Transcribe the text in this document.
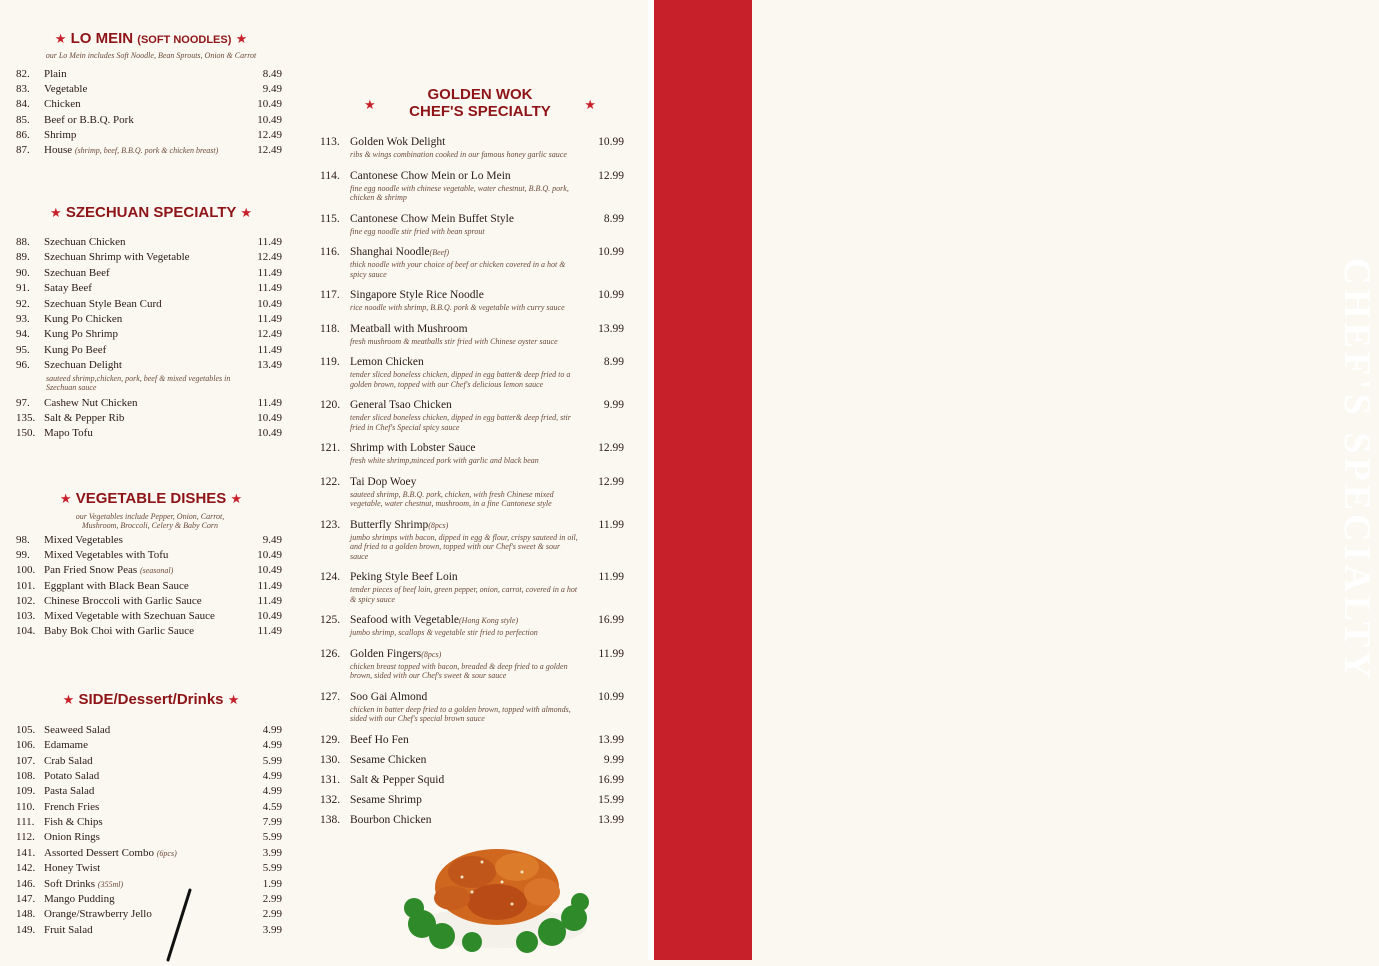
CHEF'S SPECIALTY
★ LO MEIN (SOFT NOODLES) ★
our Lo Mein includes Soft Noodle, Bean Sprouts, Onion & Carrot
82.	Plain	8.49
83.	Vegetable	9.49
84.	Chicken	10.49
85.	Beef or B.B.Q. Pork	10.49
86.	Shrimp	12.49
87.	House (shrimp, beef, B.B.Q. pork & chicken breast)	12.49
★ SZECHUAN SPECIALTY ★
88.	Szechuan Chicken	11.49
89.	Szechuan Shrimp with Vegetable	12.49
90.	Szechuan Beef	11.49
91.	Satay Beef	11.49
92.	Szechuan Style Bean Curd	10.49
93.	Kung Po Chicken	11.49
94.	Kung Po Shrimp	12.49
95.	Kung Po Beef	11.49
96.	Szechuan Delight	13.49
sauteed shrimp,chicken, pork, beef & mixed vegetables in Szechuan sauce
97.	Cashew Nut Chicken	11.49
135. Salt & Pepper Rib	10.49
150. Mapo Tofu	10.49
★ VEGETABLE DISHES ★
our Vegetables include Pepper, Onion, Carrot, Mushroom, Broccoli, Celery & Baby Corn
98.	Mixed Vegetables	9.49
99.	Mixed Vegetables with Tofu	10.49
100. Pan Fried Snow Peas (seasonal)	10.49
101. Eggplant with Black Bean Sauce	11.49
102. Chinese Broccoli with Garlic Sauce	11.49
103. Mixed Vegetable with Szechuan Sauce	10.49
104. Baby Bok Choi with Garlic Sauce	11.49
★ SIDE/Dessert/Drinks ★
105. Seaweed Salad	4.99
106. Edamame	4.99
107. Crab Salad	5.99
108. Potato Salad	4.99
109. Pasta Salad	4.99
110. French Fries	4.59
111. Fish & Chips	7.99
112. Onion Rings	5.99
141. Assorted Dessert Combo (6pcs)	3.99
142. Honey Twist	5.99
146. Soft Drinks (355ml)	1.99
147. Mango Pudding	2.99
148. Orange/Strawberry Jello	2.99
149. Fruit Salad	3.99
★
GOLDEN WOK
CHEF'S SPECIALTY	★
113. Golden Wok Delight	10.99
ribs & wings combination cooked in our famous honey garlic sauce
114. Cantonese Chow Mein or Lo Mein	12.99
fine egg noodle with chinese vegetable, water chestnut, B.B.Q. pork, chicken & shrimp
115. Cantonese Chow Mein Buffet Style	8.99
fine egg noodle stir fried with bean sprout
116. Shanghai Noodle(Beef)	10.99
thick noodle with your choice of beef or chicken covered in a hot & spicy sauce
117. Singapore Style Rice Noodle	10.99
rice noodle with shrimp, B.B.Q. pork & vegetable with curry sauce
118. Meatball with Mushroom	13.99
fresh mushroom & meatballs stir fried with Chinese oyster sauce
119. Lemon Chicken	8.99
tender sliced boneless chicken, dipped in egg batter& deep fried to a golden brown, topped with our Chef's delicious lemon sauce
120. General Tsao Chicken	9.99
tender sliced boneless chicken, dipped in egg batter& deep fried, stir fried in Chef's Special spicy sauce
121. Shrimp with Lobster Sauce	12.99
fresh white shrimp,minced pork with garlic and black bean
122. Tai Dop Woey	12.99
sauteed shrimp, B.B.Q. pork, chicken, with fresh Chinese mixed vegetable, water chestnut, mushroom, in a fine Cantonese style
123. Butterfly Shrimp(8pcs)	11.99
jumbo shrimps with bacon, dipped in egg & flour, crispy sauteed in oil, and fried to a golden brown, topped with our Chef's sweet & sour sauce
124. Peking Style Beef Loin	11.99
tender pieces of beef loin, green pepper, onion, carrot, covered in a hot & spicy sauce
125. Seafood with Vegetable(Hong Kong style)	16.99
jumbo shrimp, scallops & vegetable stir fried to perfection
126. Golden Fingers(8pcs)	11.99
chicken breast topped with bacon, breaded & deep fried to a golden brown, sided with our Chef's sweet & sour sauce
127. Soo Gai Almond	10.99
chicken in batter deep fried to a golden brown, topped with almonds, sided with our Chef's special brown sauce
129. Beef Ho Fen	13.99
130. Sesame Chicken	9.99
131. Salt & Pepper Squid	16.99
132. Sesame Shrimp	15.99
138. Bourbon Chicken	13.99
